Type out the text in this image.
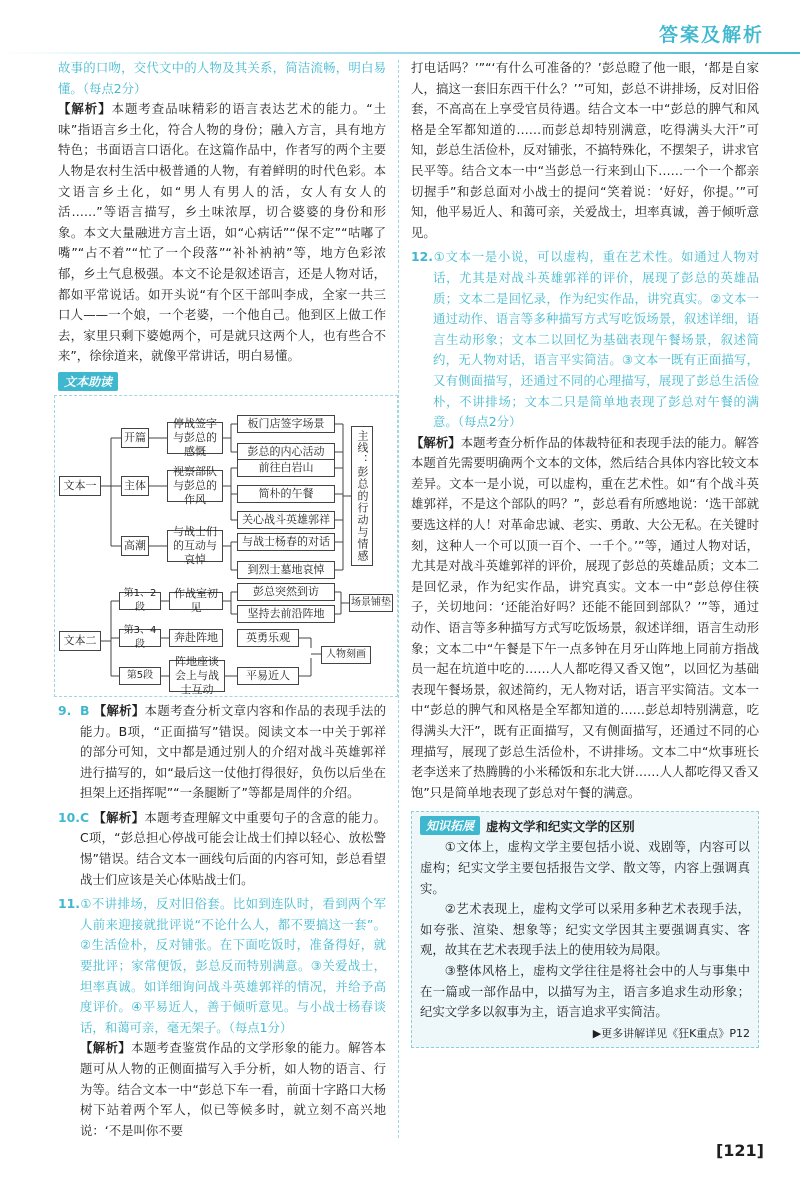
答案及解析

故事的口吻，交代文中的人物及其关系，简洁流畅，明白易懂。（每点2分）

【解析】本题考查品味精彩的语言表达艺术的能力。“土味”指语言乡土化，符合人物的身份；融入方言，具有地方特色；书面语言口语化。在这篇作品中，作者写的两个主要人物是农村生活中极普通的人物，有着鲜明的时代色彩。本文语言乡土化，如“男人有男人的活，女人有女人的活……”等语言描写，乡土味浓厚，切合婆婆的身份和形象。本文大量融进方言土语，如“心病话”“保不定”“咕嘟了嘴”“占不着”“忙了一个段落”“补补衲衲”等，地方色彩浓郁，乡土气息极强。本文不论是叙述语言，还是人物对话，都如平常说话。如开头说“有个区干部叫李成，全家一共三口人——一个娘，一个老婆，一个他自己。他到区上做工作去，家里只剩下婆媳两个，可是就只这两个人，也有些合不来”，徐徐道来，就像平常讲话，明白易懂。

文本助读
文本一
开篇
主体
高潮
停战签字与彭总的感慨
视察部队与彭总的作风
与战士们的互动与哀悼
板门店签字场景
彭总的内心活动
前往白岩山
简朴的午餐
关心战斗英雄郭祥
与战士杨春的对话
到烈士墓地哀悼
主线：彭总的行动与情感
文本二
第1、2段
第3、4段
第5段
作战室初见
奔赴阵地
阵地座谈会上与战士互动
彭总突然到访
坚持去前沿阵地
英勇乐观
平易近人
场景铺垫
人物刻画

9. B 【解析】本题考查分析文章内容和作品的表现手法的能力。B项，“正面描写”错误。阅读文本一中关于郭祥的部分可知，文中都是通过别人的介绍对战斗英雄郭祥进行描写的，如“最后这一仗他打得很好，负伤以后坐在担架上还指挥呢”“一条腿断了”等都是周伴的介绍。

10.C 【解析】本题考查理解文中重要句子的含意的能力。C项，“彭总担心停战可能会让战士们掉以轻心、放松警惕”错误。结合文本一画线句后面的内容可知，彭总看望战士们应该是关心体贴战士们。

11.①不讲排场，反对旧俗套。比如到连队时，看到两个军人前来迎接就批评说“不论什么人，都不要搞这一套”。②生活俭朴，反对铺张。在下面吃饭时，准备得好，就要批评；家常便饭，彭总反而特别满意。③关爱战士，坦率真诚。如详细询问战斗英雄郭祥的情况，并给予高度评价。④平易近人，善于倾听意见。与小战士杨春谈话，和蔼可亲，毫无架子。（每点1分）

【解析】本题考查鉴赏作品的文学形象的能力。解答本题可从人物的正侧面描写入手分析，如人物的语言、行为等。结合文本一中“彭总下车一看，前面十字路口大杨树下站着两个军人，似已等候多时，就立刻不高兴地说：‘不是叫你不要

打电话吗？’”“‘有什么可准备的？’彭总瞪了他一眼，‘都是自家人，搞这一套旧东西干什么？’”可知，彭总不讲排场，反对旧俗套，不高高在上享受官员待遇。结合文本一中“彭总的脾气和风格是全军都知道的……而彭总却特别满意，吃得满头大汗”可知，彭总生活俭朴，反对铺张，不搞特殊化，不摆架子，讲求官民平等。结合文本一中“当彭总一行来到山下……一个一个都亲切握手”和彭总面对小战士的提问“笑着说：‘好好，你提。’”可知，他平易近人、和蔼可亲，关爱战士，坦率真诚，善于倾听意见。

12.①文本一是小说，可以虚构，重在艺术性。如通过人物对话，尤其是对战斗英雄郭祥的评价，展现了彭总的英雄品质；文本二是回忆录，作为纪实作品，讲究真实。②文本一通过动作、语言等多种描写方式写吃饭场景，叙述详细，语言生动形象；文本二以回忆为基础表现午餐场景，叙述简约，无人物对话，语言平实简洁。③文本一既有正面描写，又有侧面描写，还通过不同的心理描写，展现了彭总生活俭朴，不讲排场；文本二只是简单地表现了彭总对午餐的满意。（每点2分）

【解析】本题考查分析作品的体裁特征和表现手法的能力。解答本题首先需要明确两个文本的文体，然后结合具体内容比较文本差异。文本一是小说，可以虚构，重在艺术性。如“有个战斗英雄郭祥，不是这个部队的吗？”，彭总看有所感地说：‘选干部就要选这样的人！对革命忠诚、老实、勇敢、大公无私。在关键时刻，这种人一个可以顶一百个、一千个。’”等，通过人物对话，尤其是对战斗英雄郭祥的评价，展现了彭总的英雄品质；文本二是回忆录，作为纪实作品，讲究真实。文本一中“彭总停住筷子，关切地问：‘还能治好吗？还能不能回到部队？’”等，通过动作、语言等多种描写方式写吃饭场景，叙述详细，语言生动形象；文本二中“午餐是下午一点多钟在月牙山阵地上同前方指战员一起在坑道中吃的……人人都吃得又香又饱”，以回忆为基础表现午餐场景，叙述简约，无人物对话，语言平实简洁。文本一中“彭总的脾气和风格是全军都知道的……彭总却特别满意，吃得满头大汗”，既有正面描写，又有侧面描写，还通过不同的心理描写，展现了彭总生活俭朴，不讲排场。文本二中“炊事班长老李送来了热腾腾的小米稀饭和东北大饼……人人都吃得又香又饱”只是简单地表现了彭总对午餐的满意。

知识拓展 虚构文学和纪实文学的区别

①文体上，虚构文学主要包括小说、戏剧等，内容可以虚构；纪实文学主要包括报告文学、散文等，内容上强调真实。

②艺术表现上，虚构文学可以采用多种艺术表现手法，如夸张、渲染、想象等；纪实文学因其主要强调真实、客观，故其在艺术表现手法上的使用较为局限。

③整体风格上，虚构文学往往是将社会中的人与事集中在一篇或一部作品中，以描写为主，语言多追求生动形象；纪实文学多以叙事为主，语言追求平实简洁。

▶更多讲解详见《狂K重点》P12
[121]
